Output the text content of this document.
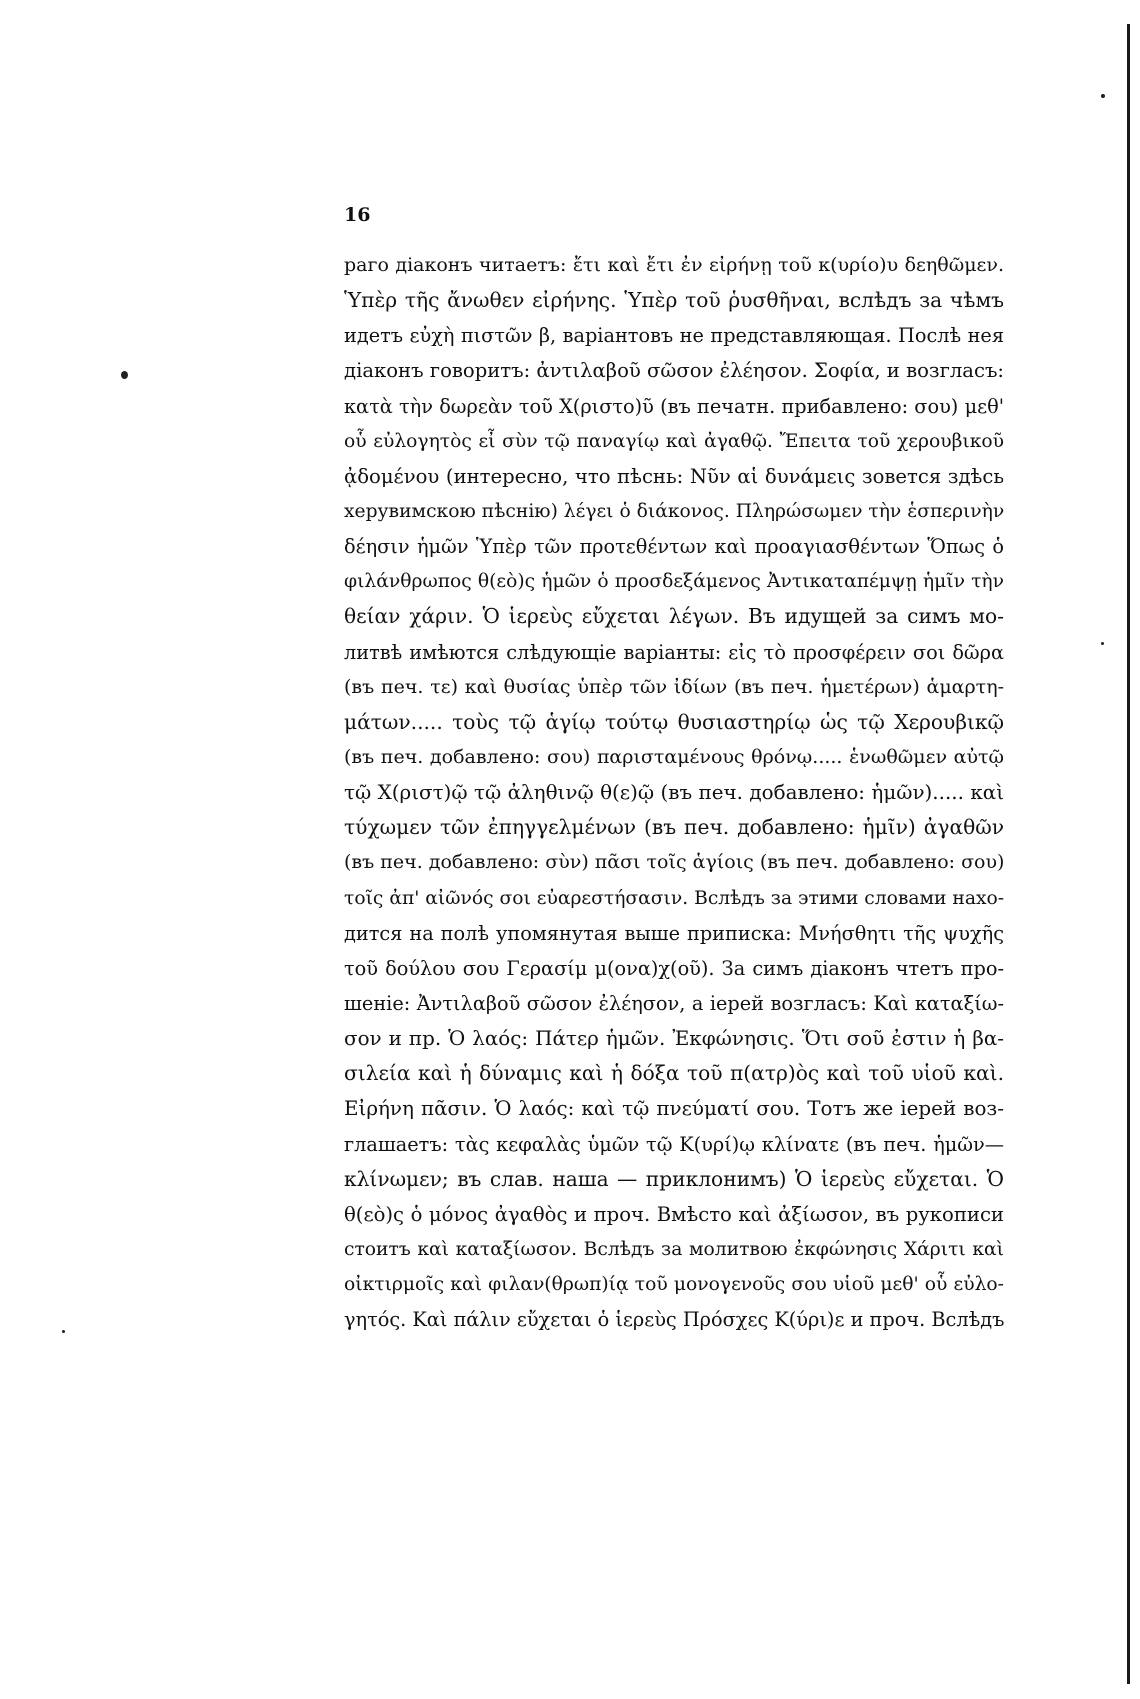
16
раго діаконъ читаетъ: ἔτι καὶ ἔτι ἐν εἰρήνῃ τοῦ κ(υρίο)υ δεηθῶμεν.
Ὑπὲρ τῆς ἄνωθεν εἰρήνης. Ὑπὲρ τοῦ ῥυσθῆναι, вслѣдъ за чѣмъ
идетъ εὐχὴ πιστῶν β, варіантовъ не представляющая. Послѣ нея
діаконъ говоритъ: ἀντιλαβοῦ σῶσον ἐλέησον. Σοφία, и возгласъ:
κατὰ τὴν δωρεὰν τοῦ Χ(ριστο)ῦ (въ печатн. прибавлено: σου) μεθ'
οὗ εὐλογητὸς εἶ σὺν τῷ παναγίῳ καὶ ἀγαθῷ. Ἔπειτα τοῦ χερουβικοῦ
ᾀδομένου (интересно, что пѣснь: Νῦν αἱ δυνάμεις зовется здѣсь
херувимскою пѣснію) λέγει ὁ διάκονος. Πληρώσωμεν τὴν ἑσπερινὴν
δέησιν ἡμῶν Ὑπὲρ τῶν προτεθέντων καὶ προαγιασθέντων Ὅπως ὁ
φιλάνθρωπος θ(εὸ)ς ἡμῶν ὁ προσδεξάμενος Ἀντικαταπέμψῃ ἡμῖν τὴν
θείαν χάριν. Ὁ ἱερεὺς εὔχεται λέγων. Въ идущей за симъ мо-
литвѣ имѣются слѣдующіе варіанты: εἰς τὸ προσφέρειν σοι δῶρα
(въ печ. τε) καὶ θυσίας ὑπὲρ τῶν ἰδίων (въ печ. ἡμετέρων) ἁμαρτη-
μάτων..... τοὺς τῷ ἁγίῳ τούτῳ θυσιαστηρίῳ ὡς τῷ Χερουβικῷ
(въ печ. добавлено: σου) παρισταμένους θρόνῳ..... ἑνωθῶμεν αὐτῷ
τῷ Χ(ριστ)ῷ τῷ ἀληθινῷ θ(ε)ῷ (въ печ. добавлено: ἡμῶν)..... καὶ
τύχωμεν τῶν ἐπηγγελμένων (въ печ. добавлено: ἡμῖν) ἀγαθῶν
(въ печ. добавлено: σὺν) πᾶσι τοῖς ἁγίοις (въ печ. добавлено: σου)
τοῖς ἀπ' αἰῶνός σοι εὐαρεστήσασιν. Вслѣдъ за этими словами нахо-
дится на полѣ упомянутая выше приписка: Μνήσθητι τῆς ψυχῆς
τοῦ δούλου σου Γερασίμ μ(ονα)χ(οῦ). За симъ діаконъ чтетъ про-
шеніе: Ἀντιλαβοῦ σῶσον ἐλέησον, а іерей возгласъ: Καὶ καταξίω-
σον и пр. Ὁ λαός: Πάτερ ἡμῶν. Ἐκφώνησις. Ὅτι σοῦ ἐστιν ἡ βα-
σιλεία καὶ ἡ δύναμις καὶ ἡ δόξα τοῦ π(ατρ)ὸς καὶ τοῦ υἱοῦ καὶ.
Εἰρήνη πᾶσιν. Ὁ λαός: καὶ τῷ πνεύματί σου. Тотъ же іерей воз-
глашаетъ: τὰς κεφαλὰς ὑμῶν τῷ Κ(υρί)ῳ κλίνατε (въ печ. ἡμῶν—
κλίνωμεν; въ слав. наша — приклонимъ) Ὁ ἱερεὺς εὔχεται. Ὁ
θ(εὸ)ς ὁ μόνος ἀγαθὸς и проч. Вмѣсто καὶ ἀξίωσον, въ рукописи
стоитъ καὶ καταξίωσον. Вслѣдъ за молитвою ἐκφώνησις Χάριτι καὶ
οἰκτιρμοῖς καὶ φιλαν(θρωπ)ίᾳ τοῦ μονογενοῦς σου υἱοῦ μεθ' οὗ εὐλο-
γητός. Καὶ πάλιν εὔχεται ὁ ἱερεὺς Πρόσχες Κ(ύρι)ε и проч. Вслѣдъ
